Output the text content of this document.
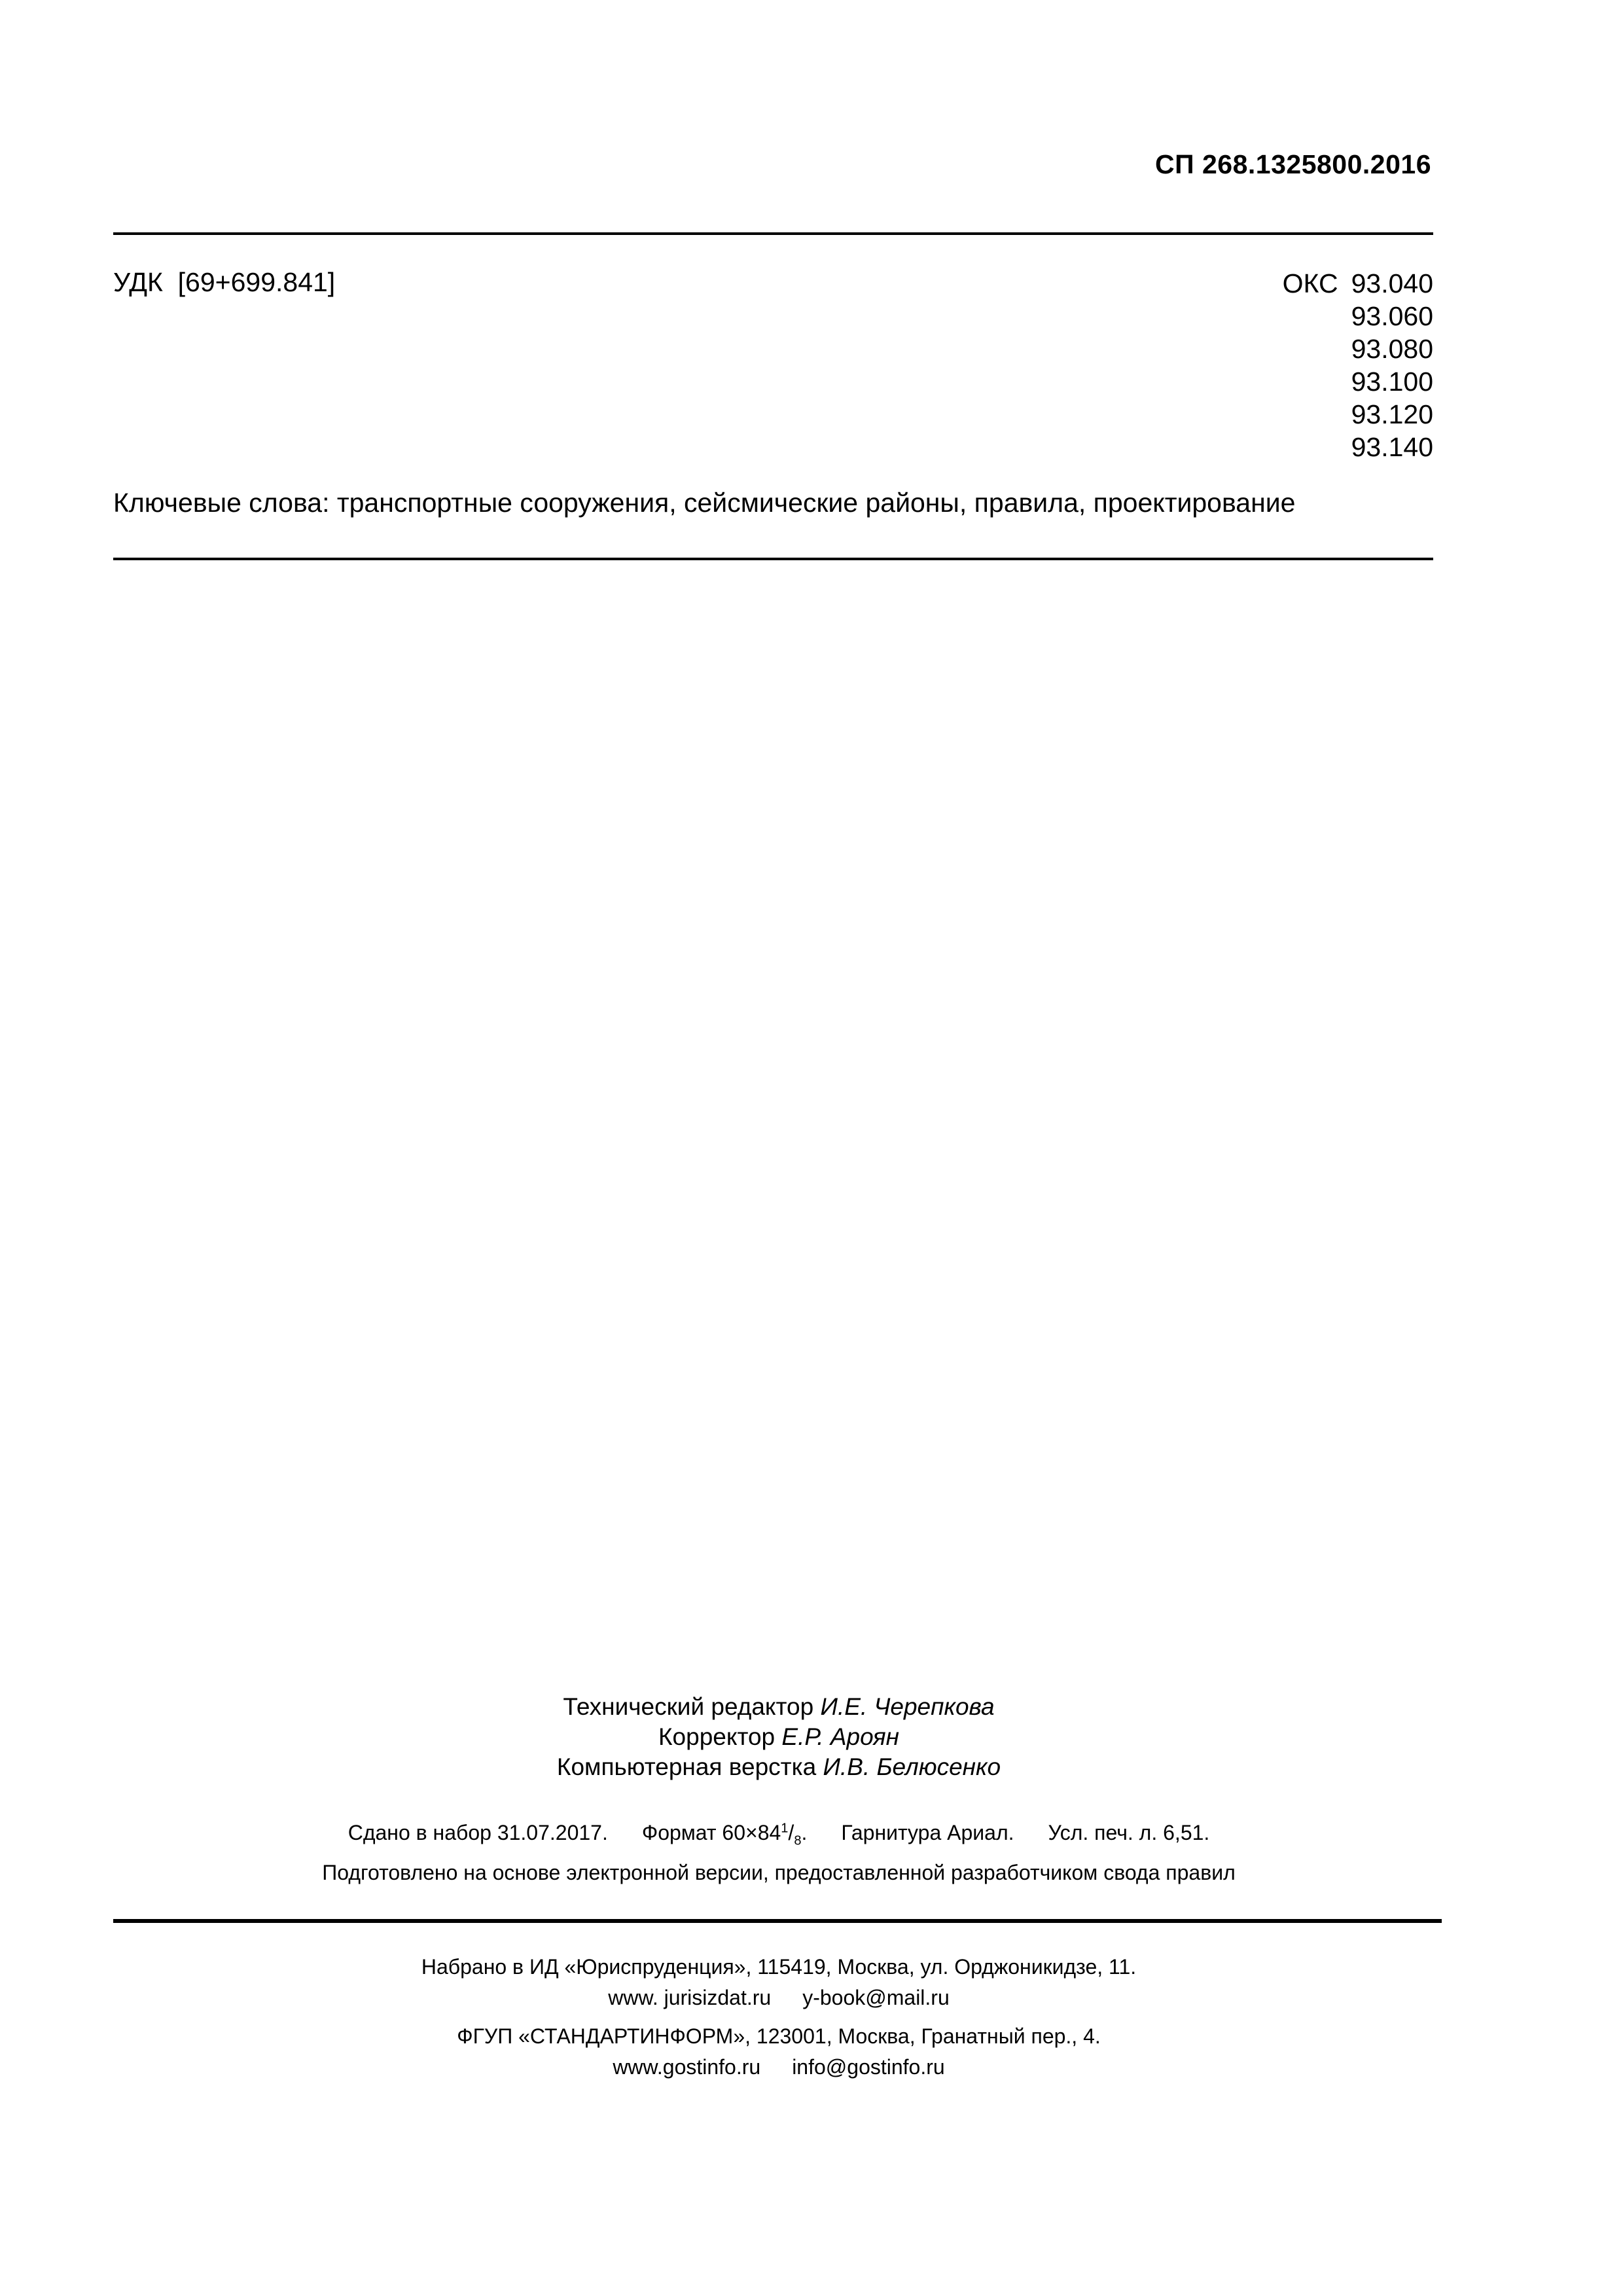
СП 268.1325800.2016
УДК [69+699.841]	ОКС 93.040
93.060
93.080
93.100
93.120
93.140
Ключевые слова: транспортные сооружения, сейсмические районы, правила, проектирование
Технический редактор И.Е. Черепкова
Корректор Е.Р. Ароян
Компьютерная верстка И.В. Белюсенко
Сдано в набор 31.07.2017. Формат $60\times 84^1/_8$. Гарнитура Ариал. Усл. печ. л. 6,51.
Подготовлено на основе электронной версии, предоставленной разработчиком свода правил
Набрано в ИД «Юриспруденция», 115419, Москва, ул. Орджоникидзе, 11.
www. jurisizdat.ru y-book@mail.ru
ФГУП «СТАНДАРТИНФОРМ», 123001, Москва, Гранатный пер., 4.
www.gostinfo.ru info@gostinfo.ru
